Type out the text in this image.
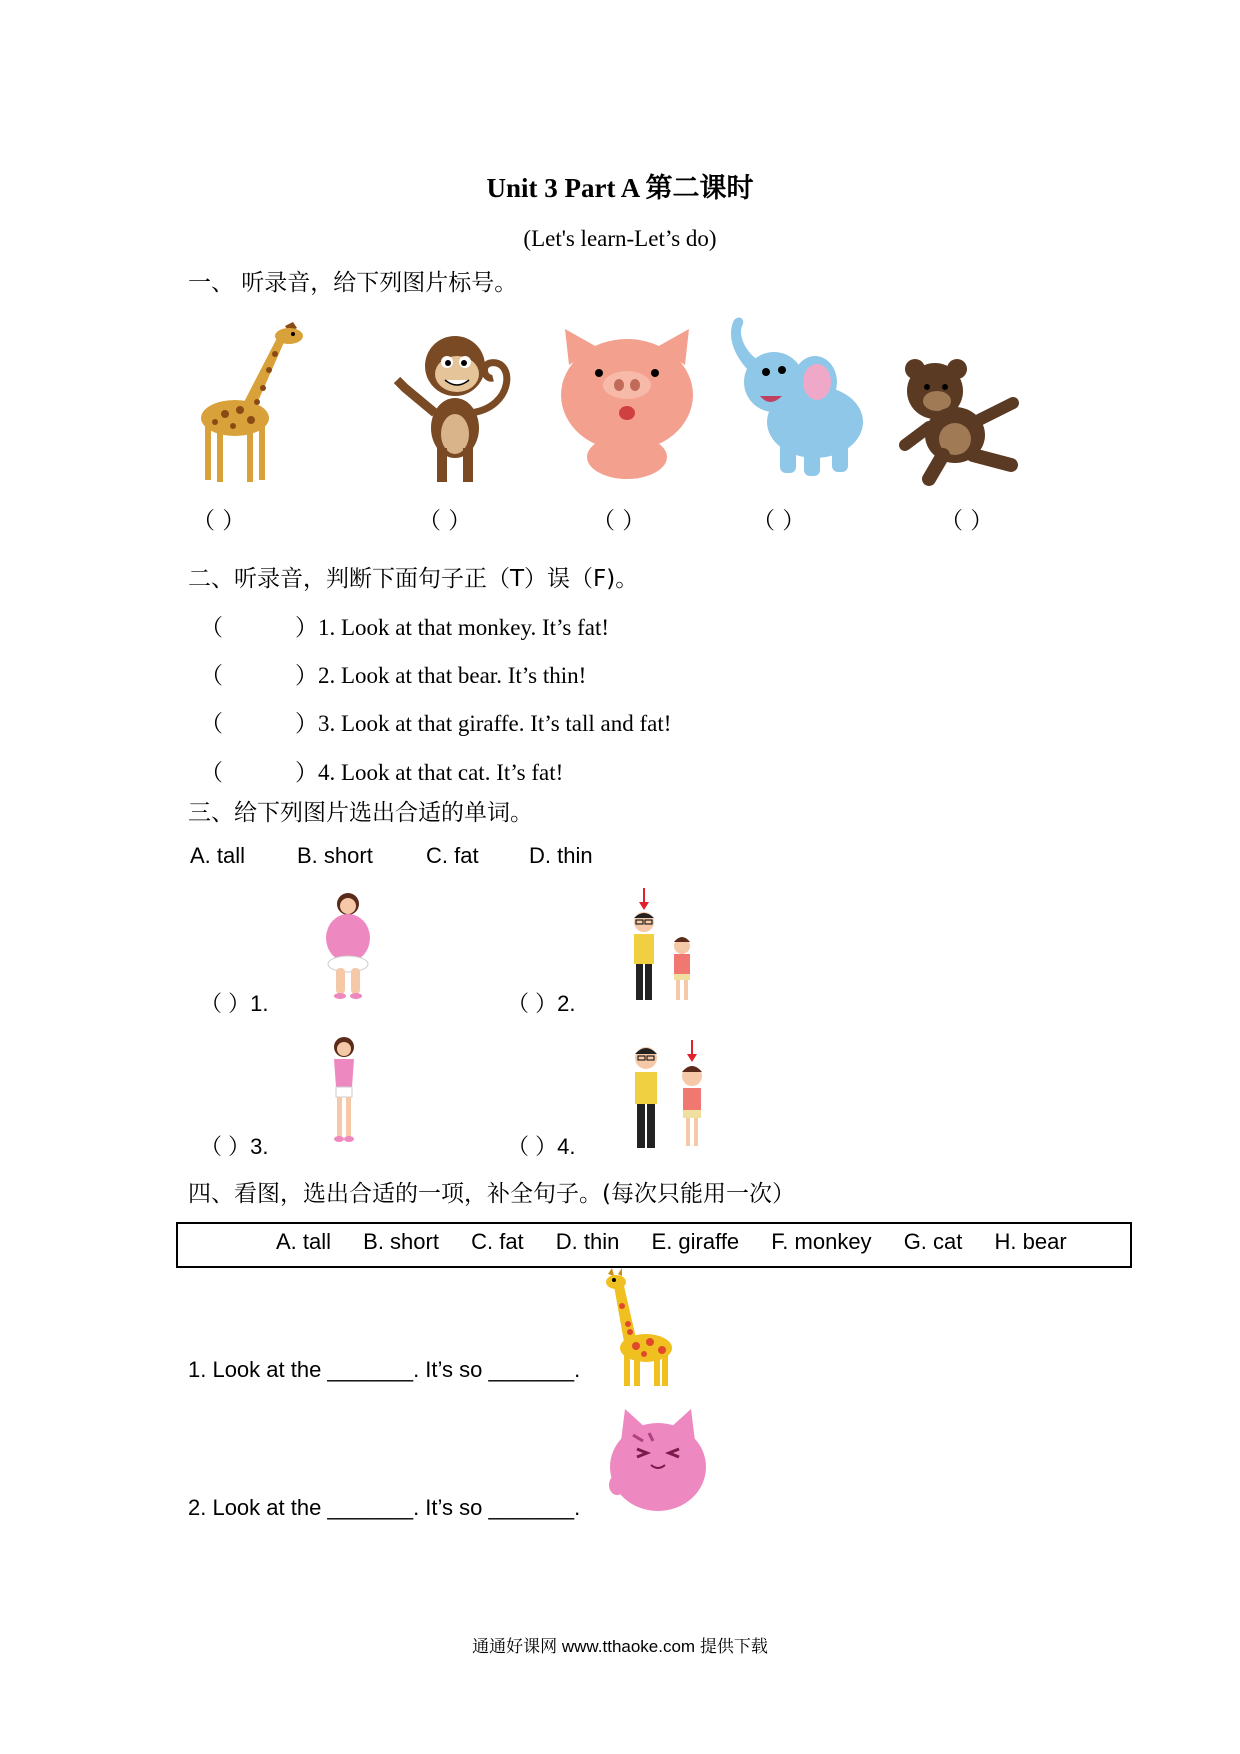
Unit 3 Part A 第二课时
(Let's learn-Let’s do)
一、 听录音，给下列图片标号。
（ ）	（ ）	（ ）	（ ）	（ ）
二、听录音，判断下面句子正（T）误（F)。
（	）1. Look at that monkey. It’s fat!
（	）2. Look at that bear. It’s thin!
（	）3. Look at that giraffe. It’s tall and fat!
（	）4. Look at that cat. It’s fat!
三、给下列图片选出合适的单词。
A. tall B. short C. fat D. thin
（ ）1.	（ ）2.
（ ）3.	（ ）4.
四、看图，选出合适的一项，补全句子。(每次只能用一次）
A. tall B. short C. fat D. thin E. giraffe F. monkey G. cat H. bear
1. Look at the _______. It’s so _______.
2. Look at the _______. It’s so _______.
通通好课网 www.tthaoke.com 提供下载
